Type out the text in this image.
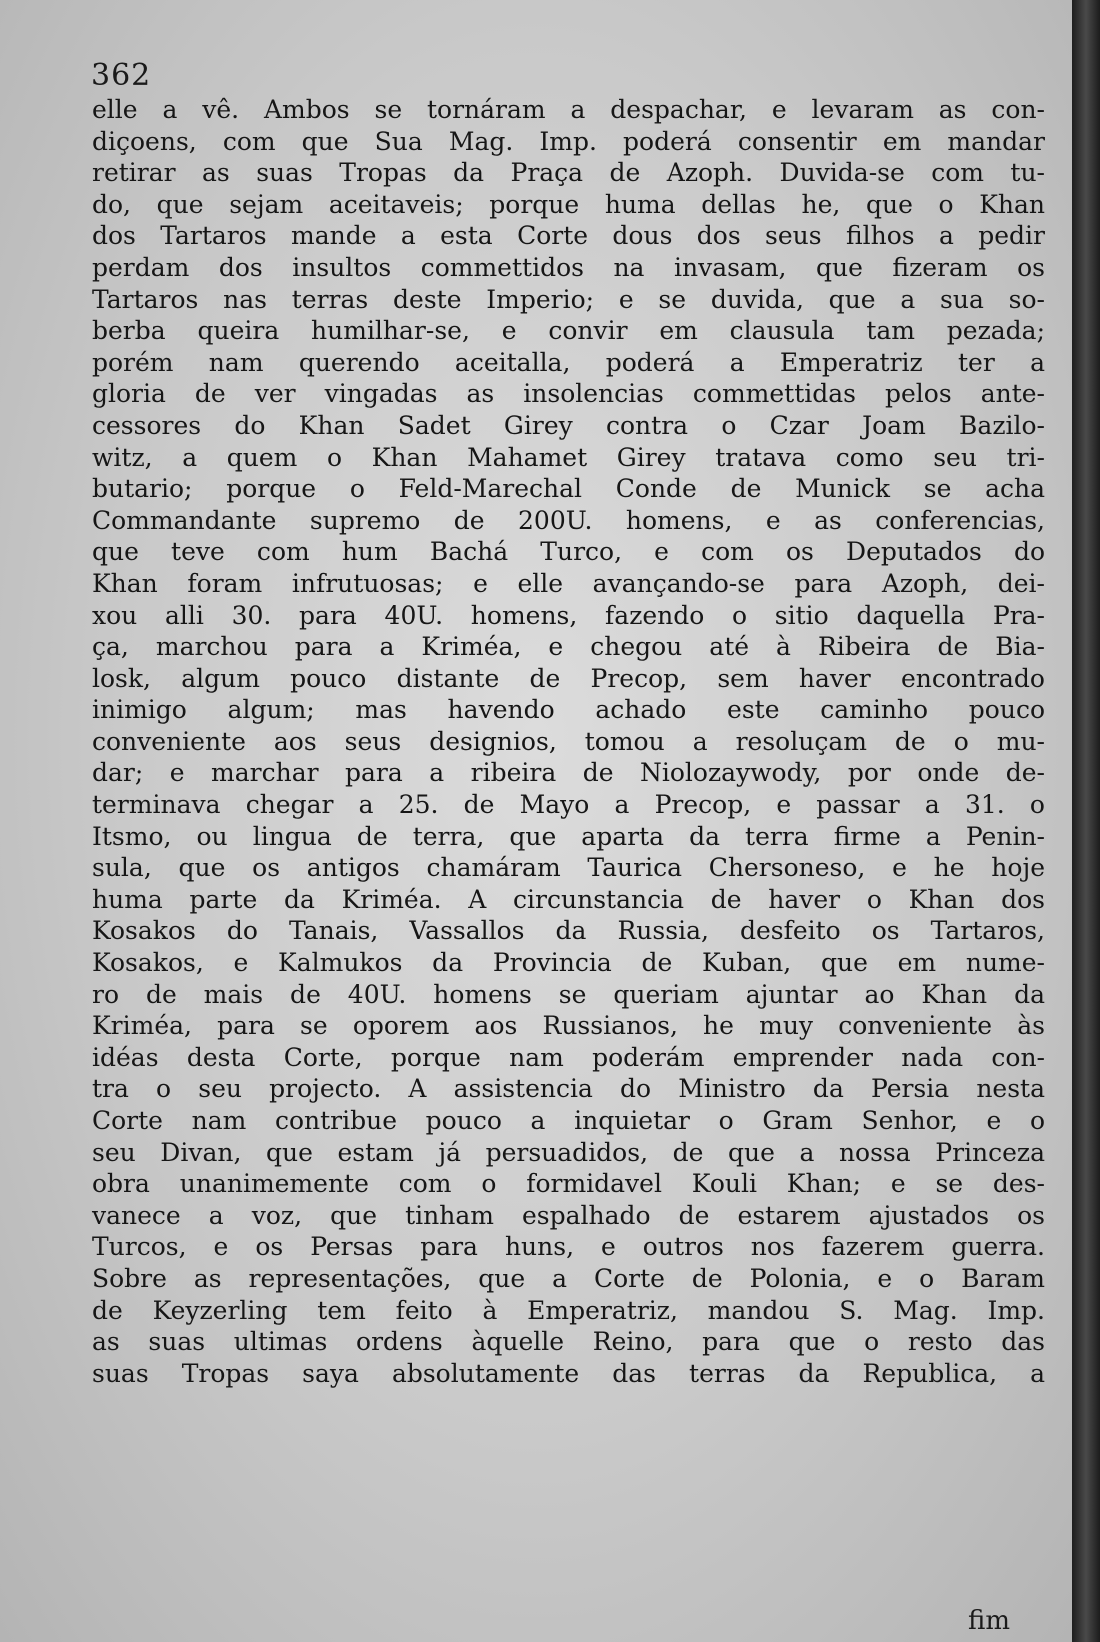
362
elle a vê. Ambos se tornáram a despachar, e levaram as con-
diçoens, com que Sua Mag. Imp. poderá consentir em mandar
retirar as suas Tropas da Praça de Azoph. Duvida-se com tu-
do, que sejam aceitaveis; porque huma dellas he, que o Khan
dos Tartaros mande a esta Corte dous dos seus filhos a pedir
perdam dos insultos commettidos na invasam, que fizeram os
Tartaros nas terras deste Imperio; e se duvida, que a sua so-
berba queira humilhar-se, e convir em clausula tam pezada;
porém nam querendo aceitalla, poderá a Emperatriz ter a
gloria de ver vingadas as insolencias commettidas pelos ante-
cessores do Khan Sadet Girey contra o Czar Joam Bazilo-
witz, a quem o Khan Mahamet Girey tratava como seu tri-
butario; porque o Feld-Marechal Conde de Munick se acha
Commandante supremo de 200U. homens, e as conferencias,
que teve com hum Bachá Turco, e com os Deputados do
Khan foram infrutuosas; e elle avançando-se para Azoph, dei-
xou alli 30. para 40U. homens, fazendo o sitio daquella Pra-
ça, marchou para a Kriméa, e chegou até à Ribeira de Bia-
losk, algum pouco distante de Precop, sem haver encontrado
inimigo algum; mas havendo achado este caminho pouco
conveniente aos seus designios, tomou a resoluçam de o mu-
dar; e marchar para a ribeira de Niolozaywody, por onde de-
terminava chegar a 25. de Mayo a Precop, e passar a 31. o
Itsmo, ou lingua de terra, que aparta da terra firme a Penin-
sula, que os antigos chamáram Taurica Chersoneso, e he hoje
huma parte da Kriméa. A circunstancia de haver o Khan dos
Kosakos do Tanais, Vassallos da Russia, desfeito os Tartaros,
Kosakos, e Kalmukos da Provincia de Kuban, que em nume-
ro de mais de 40U. homens se queriam ajuntar ao Khan da
Kriméa, para se oporem aos Russianos, he muy conveniente às
idéas desta Corte, porque nam poderám emprender nada con-
tra o seu projecto. A assistencia do Ministro da Persia nesta
Corte nam contribue pouco a inquietar o Gram Senhor, e o
seu Divan, que estam já persuadidos, de que a nossa Princeza
obra unanimemente com o formidavel Kouli Khan; e se des-
vanece a voz, que tinham espalhado de estarem ajustados os
Turcos, e os Persas para huns, e outros nos fazerem guerra.
Sobre as representações, que a Corte de Polonia, e o Baram
de Keyzerling tem feito à Emperatriz, mandou S. Mag. Imp.
as suas ultimas ordens àquelle Reino, para que o resto das
suas Tropas saya absolutamente das terras da Republica, a
fim
